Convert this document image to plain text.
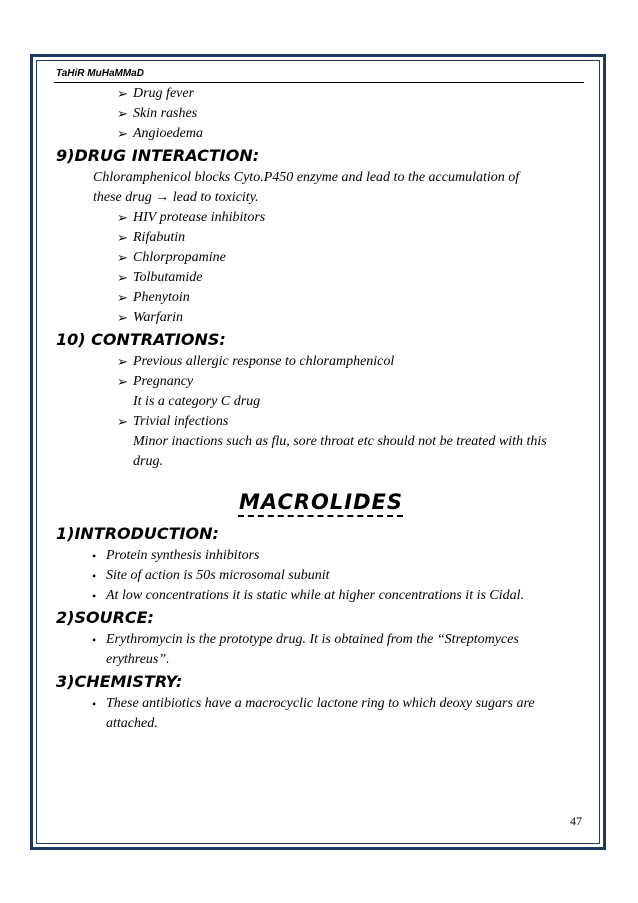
TaHiR MuHaMMaD
➢ Drug fever
➢ Skin rashes
➢ Angioedema
9)DRUG INTERACTION:
Chloramphenicol blocks Cyto.P450 enzyme and lead to the accumulation of
these drug → lead to toxicity.
➢ HIV protease inhibitors
➢ Rifabutin
➢ Chlorpropamine
➢ Tolbutamide
➢ Phenytoin
➢ Warfarin
10) CONTRATIONS:
➢ Previous allergic response to chloramphenicol
➢ Pregnancy
It is a category C drug
➢ Trivial infections
Minor inactions such as flu, sore throat etc should not be treated with this
drug.
MACROLIDES
1)INTRODUCTION:
• Protein synthesis inhibitors
• Site of action is 50s microsomal subunit
• At low concentrations it is static while at higher concentrations it is Cidal.
2)SOURCE:
• Erythromycin is the prototype drug. It is obtained from the “Streptomyces
erythreus”.
3)CHEMISTRY:
• These antibiotics have a macrocyclic lactone ring to which deoxy sugars are
attached.
47
